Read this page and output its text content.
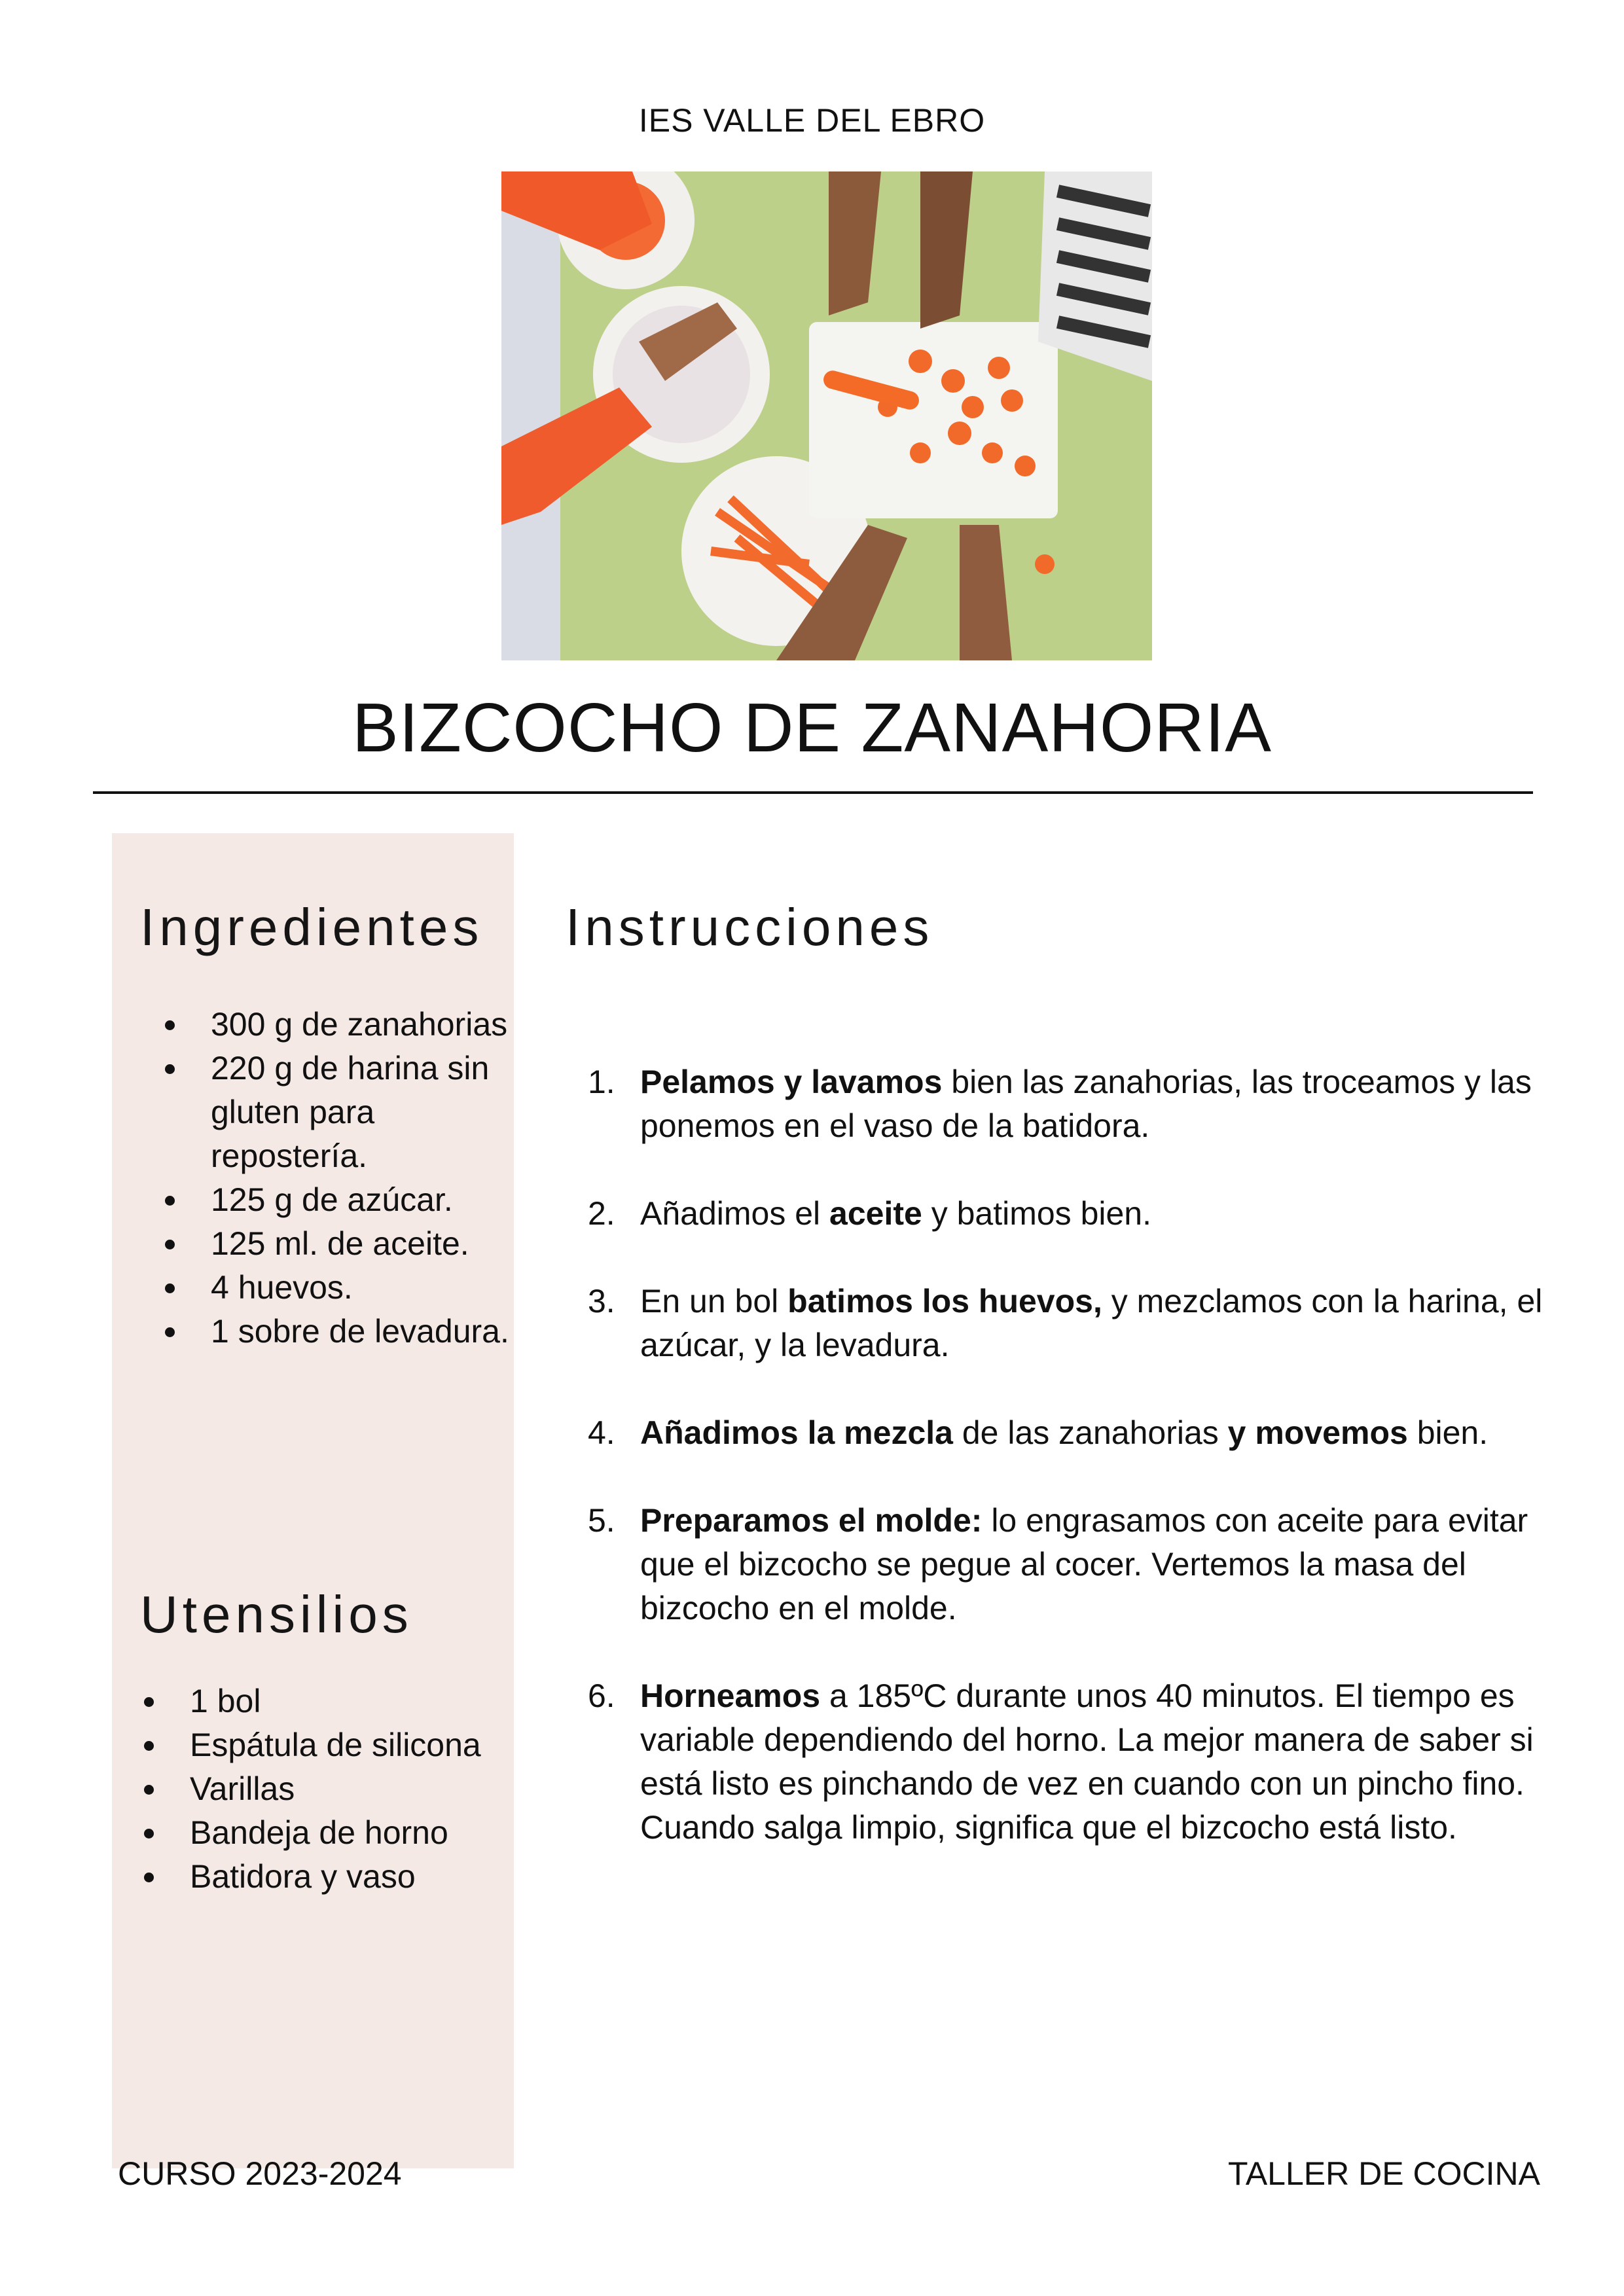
IES VALLE DEL EBRO
BIZCOCHO DE ZANAHORIA
Ingredientes
300 g de zanahorias
220 g de harina sin gluten para repostería.
125 g de azúcar.
125 ml. de aceite.
4 huevos.
1 sobre de levadura.
Utensilios
1 bol
Espátula de silicona
Varillas
Bandeja de horno
Batidora y vaso
Instrucciones
1. Pelamos y lavamos bien las zanahorias, las troceamos y las ponemos en el vaso de la batidora.
2. Añadimos el aceite y batimos bien.
3. En un bol batimos los huevos, y mezclamos con la harina, el azúcar, y la levadura.
4. Añadimos la mezcla de las zanahorias y movemos bien.
5. Preparamos el molde: lo engrasamos con aceite para evitar que el bizcocho se pegue al cocer. Vertemos la masa del bizcocho en el molde.
6. Horneamos a 185ºC durante unos 40 minutos. El tiempo es variable dependiendo del horno. La mejor manera de saber si está listo es pinchando de vez en cuando con un pincho fino. Cuando salga limpio, significa que el bizcocho está listo.
CURSO 2023-2024	TALLER DE COCINA
